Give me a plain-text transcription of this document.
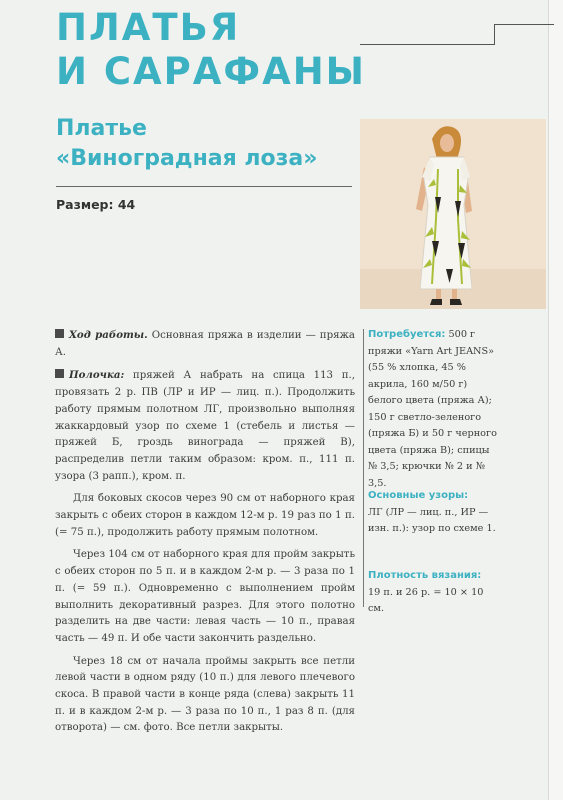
ПЛАТЬЯ
И САРАФАНЫ
Платье
«Виноградная лоза»
Размер: 44

Ход работы. Основная пряжа в изделии — пряжа А.

Полочка: пряжей А набрать на спица 113 п., провязать 2 р. ПВ (ЛР и ИР — лиц. п.). Продолжить работу прямым полотном ЛГ, произвольно выполняя жаккардовый узор по схеме 1 (стебель и листья — пряжей Б, гроздь винограда — пряжей В), распределив петли таким образом: кром. п., 111 п. узора (3 рапп.), кром. п.

Для боковых скосов через 90 см от наборного края закрыть с обеих сторон в каждом 12-м р. 19 раз по 1 п. (= 75 п.), продолжить работу прямым полотном.

Через 104 см от наборного края для пройм закрыть с обеих сторон по 5 п. и в каждом 2-м р. — 3 раза по 1 п. (= 59 п.). Одновременно с выполнением пройм выполнить декоративный разрез. Для этого полотно разделить на две части: левая часть — 10 п., правая часть — 49 п. И обе части закончить раздельно.

Через 18 см от начала проймы закрыть все петли левой части в одном ряду (10 п.) для левого плечевого скоса. В правой части в конце ряда (слева) закрыть 11 п. и в каждом 2-м р. — 3 раза по 10 п., 1 раз 8 п. (для отворота) — см. фото. Все петли закрыты.

Потребуется: 500 г пряжи «Yarn Art JEANS» (55 % хлопка, 45 % акрила, 160 м/50 г) белого цвета (пряжа А); 150 г светло-зеленого (пряжа Б) и 50 г черного цвета (пряжа В); спицы № 3,5; крючки № 2 и № 3,5.
Основные узоры:
ЛГ (ЛР — лиц. п., ИР — изн. п.): узор по схеме 1.
Плотность вязания:
19 п. и 26 р. = 10 × 10 см.
